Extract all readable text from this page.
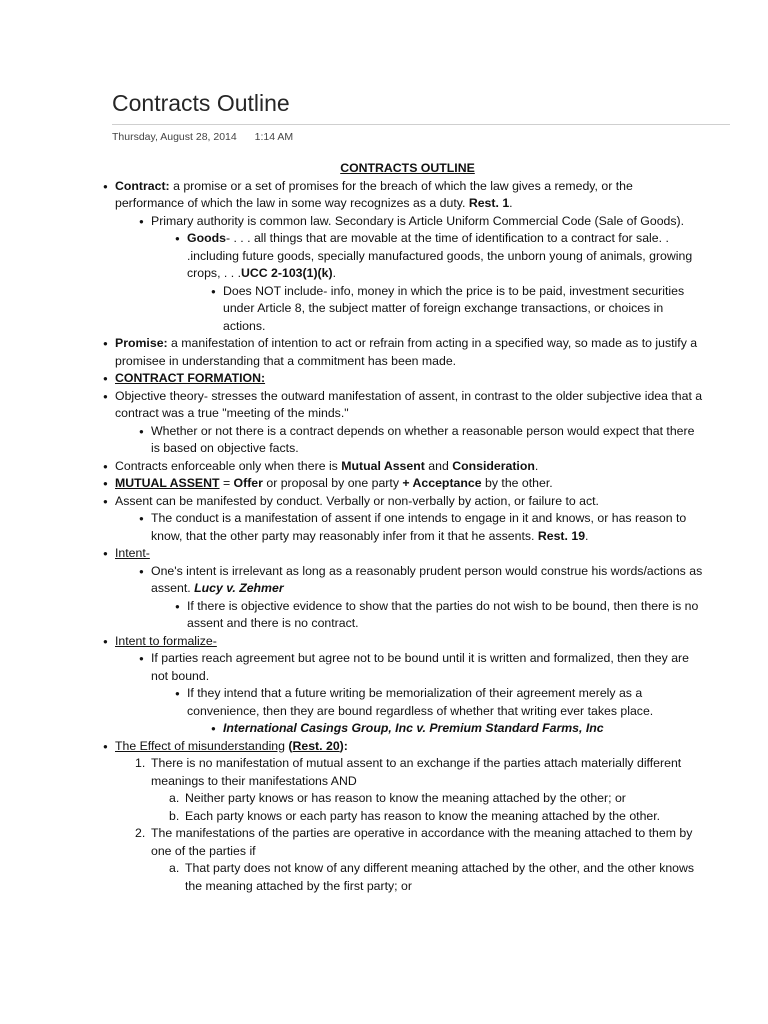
Contracts Outline
Thursday, August 28, 2014 1:14 AM
CONTRACTS OUTLINE
● Contract: a promise or a set of promises for the breach of which the law gives a remedy, or the performance of which the law in some way recognizes as a duty. Rest. 1.
● Primary authority is common law. Secondary is Article Uniform Commercial Code (Sale of Goods).
● Goods- . . . all things that are movable at the time of identification to a contract for sale. . .including future goods, specially manufactured goods, the unborn young of animals, growing crops, . . .UCC 2-103(1)(k).
● Does NOT include- info, money in which the price is to be paid, investment securities under Article 8, the subject matter of foreign exchange transactions, or choices in actions.
● Promise: a manifestation of intention to act or refrain from acting in a specified way, so made as to justify a promisee in understanding that a commitment has been made.
● CONTRACT FORMATION:
● Objective theory- stresses the outward manifestation of assent, in contrast to the older subjective idea that a contract was a true "meeting of the minds."
● Whether or not there is a contract depends on whether a reasonable person would expect that there is based on objective facts.
● Contracts enforceable only when there is Mutual Assent and Consideration.
● MUTUAL ASSENT = Offer or proposal by one party + Acceptance by the other.
● Assent can be manifested by conduct. Verbally or non-verbally by action, or failure to act.
● The conduct is a manifestation of assent if one intends to engage in it and knows, or has reason to know, that the other party may reasonably infer from it that he assents. Rest. 19.
● Intent-
● One's intent is irrelevant as long as a reasonably prudent person would construe his words/actions as assent. Lucy v. Zehmer
● If there is objective evidence to show that the parties do not wish to be bound, then there is no assent and there is no contract.
● Intent to formalize-
● If parties reach agreement but agree not to be bound until it is written and formalized, then they are not bound.
● If they intend that a future writing be memorialization of their agreement merely as a convenience, then they are bound regardless of whether that writing ever takes place.
● International Casings Group, Inc v. Premium Standard Farms, Inc
● The Effect of misunderstanding (Rest. 20):
1. There is no manifestation of mutual assent to an exchange if the parties attach materially different meanings to their manifestations AND
a. Neither party knows or has reason to know the meaning attached by the other; or
b. Each party knows or each party has reason to know the meaning attached by the other.
2. The manifestations of the parties are operative in accordance with the meaning attached to them by one of the parties if
a. That party does not know of any different meaning attached by the other, and the other knows the meaning attached by the first party; or
